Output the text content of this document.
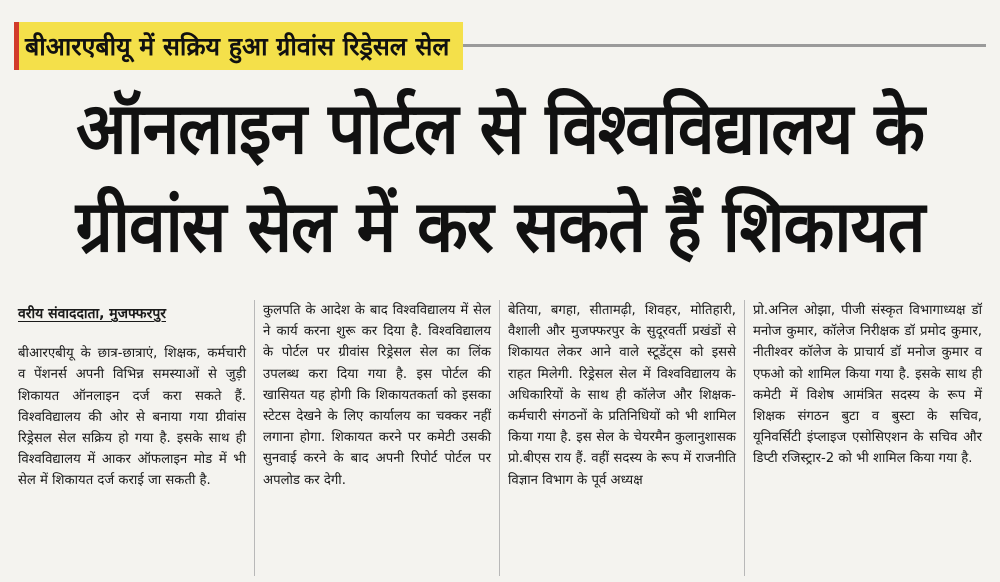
बीआरएबीयू में सक्रिय हुआ ग्रीवांस रिड्रेसल सेल
ऑनलाइन पोर्टल से विश्वविद्यालय के
ग्रीवांस सेल में कर सकते हैं शिकायत
वरीय संवाददाता, मुजफ्फरपुर

बीआरएबीयू के छात्र-छात्राएं, शिक्षक, कर्मचारी व पेंशनर्स अपनी विभिन्न समस्याओं से जुड़ी शिकायत ऑनलाइन दर्ज करा सकते हैं. विश्वविद्यालय की ओर से बनाया गया ग्रीवांस रिड्रेसल सेल सक्रिय हो गया है. इसके साथ ही विश्वविद्यालय में आकर ऑफलाइन मोड में भी सेल में शिकायत दर्ज कराई जा सकती है.

कुलपति के आदेश के बाद विश्वविद्यालय में सेल ने कार्य करना शुरू कर दिया है. विश्वविद्यालय के पोर्टल पर ग्रीवांस रिड्रेसल सेल का लिंक उपलब्ध करा दिया गया है. इस पोर्टल की खासियत यह होगी कि शिकायतकर्ता को इसका स्टेटस देखने के लिए कार्यालय का चक्कर नहीं लगाना होगा. शिकायत करने पर कमेटी उसकी सुनवाई करने के बाद अपनी रिपोर्ट पोर्टल पर अपलोड कर देगी.

बेतिया, बगहा, सीतामढ़ी, शिवहर, मोतिहारी, वैशाली और मुजफ्फरपुर के सुदूरवर्ती प्रखंडों से शिकायत लेकर आने वाले स्टूडेंट्स को इससे राहत मिलेगी. रिड्रेसल सेल में विश्वविद्यालय के अधिकारियों के साथ ही कॉलेज और शिक्षक-कर्मचारी संगठनों के प्रतिनिधियों को भी शामिल किया गया है. इस सेल के चेयरमैन कुलानुशासक प्रो.बीएस राय हैं. वहीं सदस्य के रूप में राजनीति विज्ञान विभाग के पूर्व अध्यक्ष

प्रो.अनिल ओझा, पीजी संस्कृत विभागाध्यक्ष डॉ मनोज कुमार, कॉलेज निरीक्षक डॉ प्रमोद कुमार, नीतीश्वर कॉलेज के प्राचार्य डॉ मनोज कुमार व एफओ को शामिल किया गया है. इसके साथ ही कमेटी में विशेष आमंत्रित सदस्य के रूप में शिक्षक संगठन बुटा व बुस्टा के सचिव, यूनिवर्सिटी इंप्लाइज एसोसिएशन के सचिव और डिप्टी रजिस्ट्रार-2 को भी शामिल किया गया है.
